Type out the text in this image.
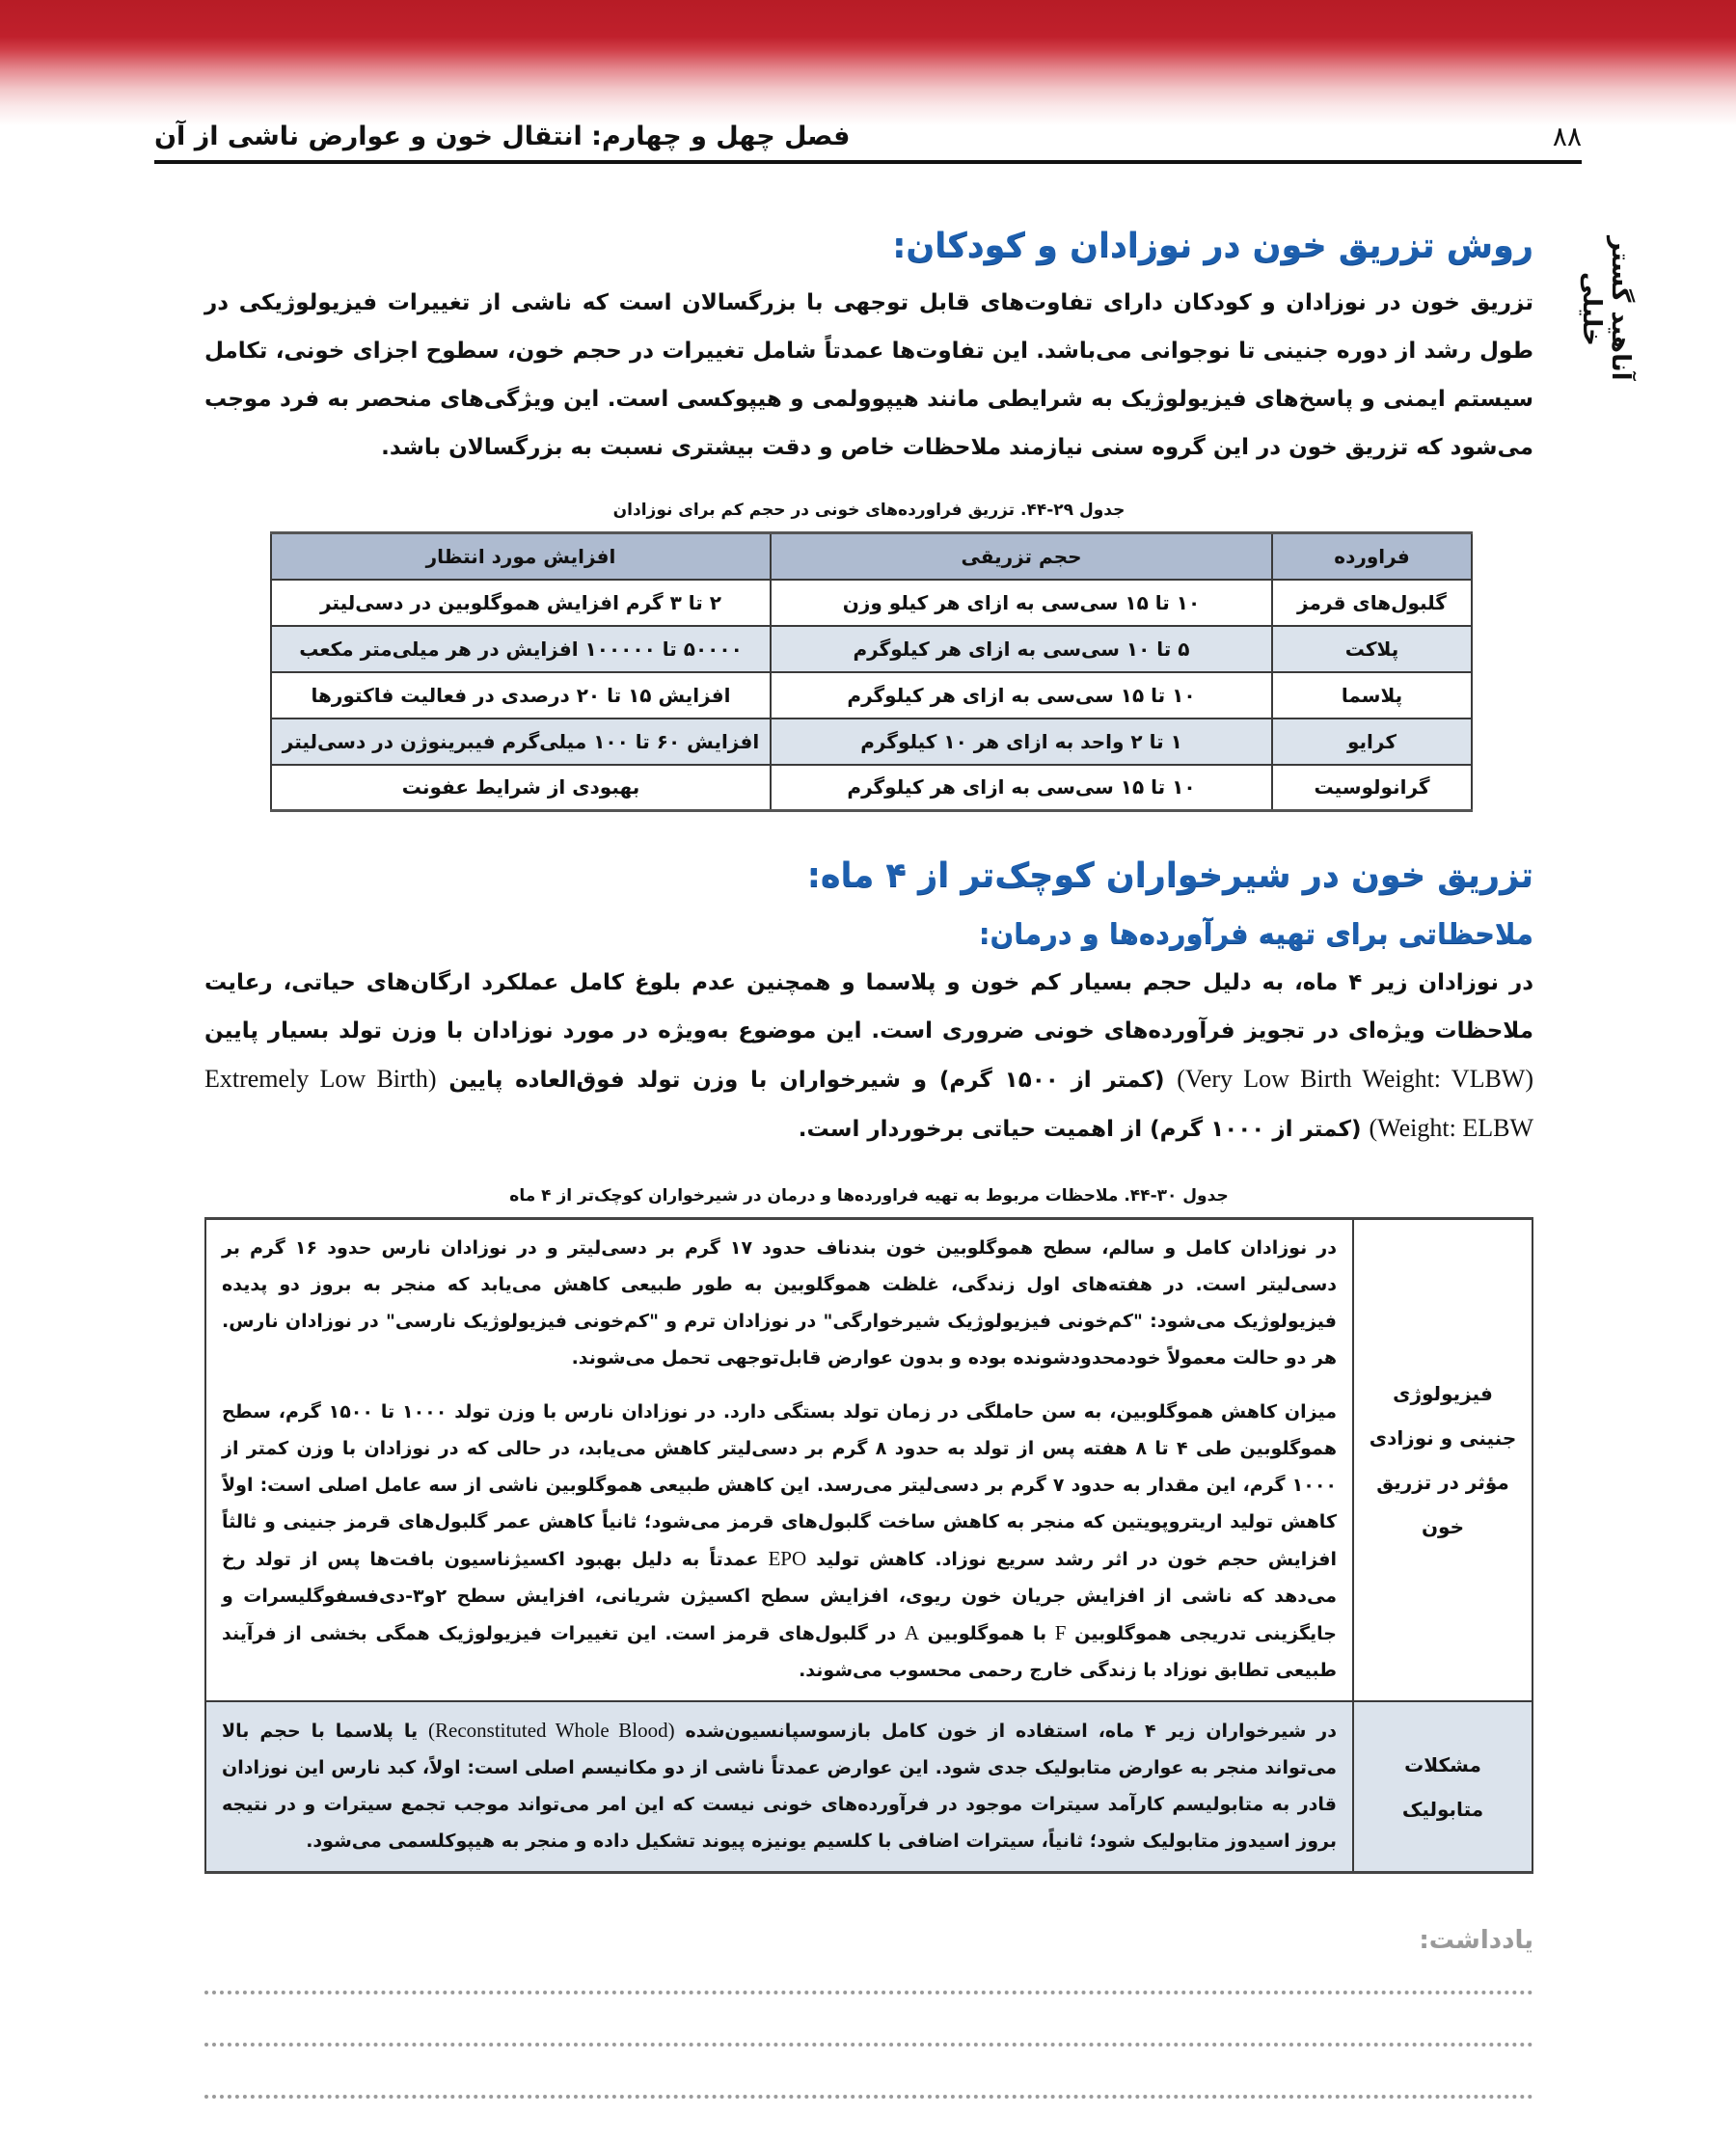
فصل چهل و چهارم: انتقال خون و عوارض ناشی از آن	۸۸
آناهید گستر خلیلی
روش تزریق خون در نوزادان و کودکان:

تزریق خون در نوزادان و کودکان دارای تفاوت‌های قابل توجهی با بزرگسالان است که ناشی از تغییرات فیزیولوژیکی در طول رشد از دوره جنینی تا نوجوانی می‌باشد. این تفاوت‌ها عمدتاً شامل تغییرات در حجم خون، سطوح اجزای خونی، تکامل سیستم ایمنی و پاسخ‌های فیزیولوژیک به شرایطی مانند هیپوولمی و هیپوکسی است. این ویژگی‌های منحصر به فرد موجب می‌شود که تزریق خون در این گروه سنی نیازمند ملاحظات خاص و دقت بیشتری نسبت به بزرگسالان باشد.

جدول ۲۹-۴۴. تزریق فراورده‌های خونی در حجم کم برای نوزادان
فراورده	حجم تزریقی	افزایش مورد انتظار
گلبول‌های قرمز	۱۰ تا ۱۵ سی‌سی به ازای هر کیلو وزن	۲ تا ۳ گرم افزایش هموگلوبین در دسی‌لیتر
پلاکت	۵ تا ۱۰ سی‌سی به ازای هر کیلوگرم	۵۰۰۰۰ تا ۱۰۰۰۰۰ افزایش در هر میلی‌متر مکعب
پلاسما	۱۰ تا ۱۵ سی‌سی به ازای هر کیلوگرم	افزایش ۱۵ تا ۲۰ درصدی در فعالیت فاکتورها
کرایو	۱ تا ۲ واحد به ازای هر ۱۰ کیلوگرم	افزایش ۶۰ تا ۱۰۰ میلی‌گرم فیبرینوژن در دسی‌لیتر
گرانولوسیت	۱۰ تا ۱۵ سی‌سی به ازای هر کیلوگرم	بهبودی از شرایط عفونت
تزریق خون در شیرخواران کوچک‌تر از ۴ ماه:
ملاحظاتی برای تهیه فرآورده‌ها و درمان:

در نوزادان زیر ۴ ماه، به دلیل حجم بسیار کم خون و پلاسما و همچنین عدم بلوغ کامل عملکرد ارگان‌های حیاتی، رعایت ملاحظات ویژه‌ای در تجویز فرآورده‌های خونی ضروری است. این موضوع به‌ویژه در مورد نوزادان با وزن تولد بسیار پایین (Very Low Birth Weight: VLBW) (کمتر از ۱۵۰۰ گرم) و شیرخواران با وزن تولد فوق‌العاده پایین (Extremely Low Birth Weight: ELBW) (کمتر از ۱۰۰۰ گرم) از اهمیت حیاتی برخوردار است.

جدول ۳۰-۴۴. ملاحظات مربوط به تهیه فراورده‌ها و درمان در شیرخواران کوچک‌تر از ۴ ماه
فیزیولوژی جنینی و نوزادی مؤثر در تزریق خون	در نوزادان کامل و سالم، سطح هموگلوبین خون بندناف حدود ۱۷ گرم بر دسی‌لیتر و در نوزادان نارس حدود ۱۶ گرم بر دسی‌لیتر است. در هفته‌های اول زندگی، غلظت هموگلوبین به طور طبیعی کاهش می‌یابد که منجر به بروز دو پدیده فیزیولوژیک می‌شود: "کم‌خونی فیزیولوژیک شیرخوارگی" در نوزادان ترم و "کم‌خونی فیزیولوژیک نارسی" در نوزادان نارس. هر دو حالت معمولاً خودمحدودشونده بوده و بدون عوارض قابل‌توجهی تحمل می‌شوند.

میزان کاهش هموگلوبین، به سن حاملگی در زمان تولد بستگی دارد. در نوزادان نارس با وزن تولد ۱۰۰۰ تا ۱۵۰۰ گرم، سطح هموگلوبین طی ۴ تا ۸ هفته پس از تولد به حدود ۸ گرم بر دسی‌لیتر کاهش می‌یابد، در حالی که در نوزادان با وزن کمتر از ۱۰۰۰ گرم، این مقدار به حدود ۷ گرم بر دسی‌لیتر می‌رسد. این کاهش طبیعی هموگلوبین ناشی از سه عامل اصلی است: اولاً کاهش تولید اریتروپویتین که منجر به کاهش ساخت گلبول‌های قرمز می‌شود؛ ثانیاً کاهش عمر گلبول‌های قرمز جنینی و ثالثاً افزایش حجم خون در اثر رشد سریع نوزاد. کاهش تولید EPO عمدتاً به دلیل بهبود اکسیژناسیون بافت‌ها پس از تولد رخ می‌دهد که ناشی از افزایش جریان خون ریوی، افزایش سطح اکسیژن شریانی، افزایش سطح ۲و۳-دی‌فسفوگلیسرات و جایگزینی تدریجی هموگلوبین F با هموگلوبین A در گلبول‌های قرمز است. این تغییرات فیزیولوژیک همگی بخشی از فرآیند طبیعی تطابق نوزاد با زندگی خارج رحمی محسوب می‌شوند.

مشکلات متابولیک	در شیرخواران زیر ۴ ماه، استفاده از خون کامل بازسوسپانسیون‌شده (Reconstituted Whole Blood) یا پلاسما با حجم بالا می‌تواند منجر به عوارض متابولیک جدی شود. این عوارض عمدتاً ناشی از دو مکانیسم اصلی است: اولاً، کبد نارس این نوزادان قادر به متابولیسم کارآمد سیترات موجود در فرآورده‌های خونی نیست که این امر می‌تواند موجب تجمع سیترات و در نتیجه بروز اسیدوز متابولیک شود؛ ثانیاً، سیترات اضافی با کلسیم یونیزه پیوند تشکیل داده و منجر به هیپوکلسمی می‌شود.

یادداشت:
